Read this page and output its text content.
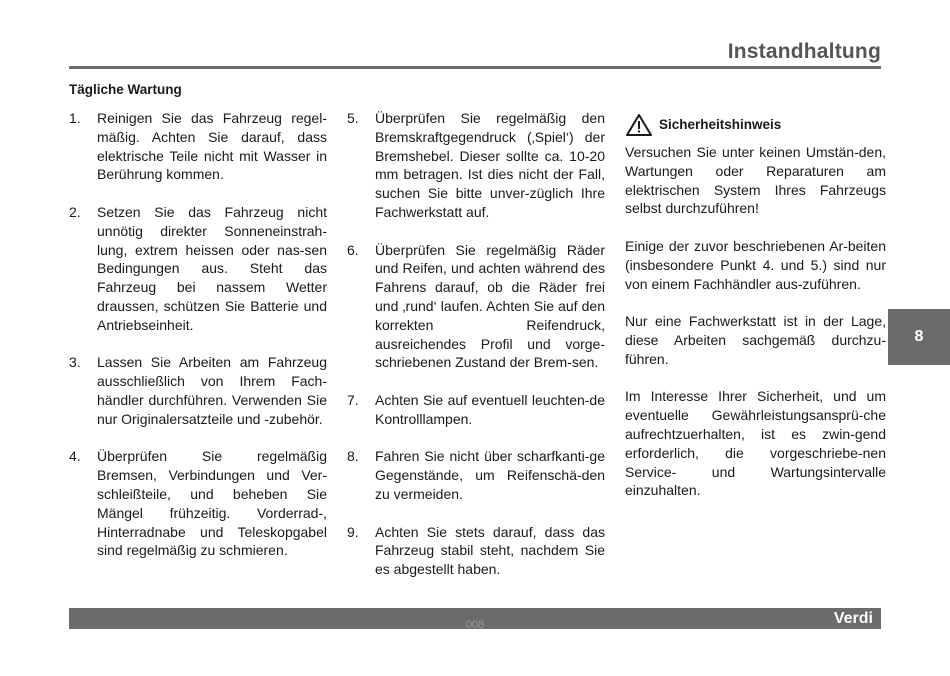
Instandhaltung
Tägliche Wartung
1.	Reinigen Sie das Fahrzeug regel-mäßig. Achten Sie darauf, dass elektrische Teile nicht mit Wasser in Berührung kommen.
2.	Setzen Sie das Fahrzeug nicht unnötig direkter Sonneneinstrah-lung, extrem heissen oder nas-sen Bedingungen aus. Steht das Fahrzeug bei nassem Wetter draussen, schützen Sie Batterie und Antriebseinheit.
3.	Lassen Sie Arbeiten am Fahrzeug ausschließlich von Ihrem Fach-händler durchführen. Verwenden Sie nur Originalersatzteile und -zubehör.
4.	Überprüfen Sie regelmäßig Bremsen, Verbindungen und Ver-schleißteile, und beheben Sie Mängel frühzeitig. Vorderrad-, Hinterradnabe und Teleskopgabel sind regelmäßig zu schmieren.
5.	Überprüfen Sie regelmäßig den Bremskraftgegendruck (‚Spiel‘) der Bremshebel. Dieser sollte ca. 10-20 mm betragen. Ist dies nicht der Fall, suchen Sie bitte unver-züglich Ihre Fachwerkstatt auf.
6.	Überprüfen Sie regelmäßig Räder und Reifen, und achten während des Fahrens darauf, ob die Räder frei und ‚rund‘ laufen. Achten Sie auf den korrekten Reifendruck, ausreichendes Profil und vorge-schriebenen Zustand der Brem-sen.
7.	Achten Sie auf eventuell leuchten-de Kontrolllampen.
8.	Fahren Sie nicht über scharfkanti-ge Gegenstände, um Reifenschä-den zu vermeiden.
9.	Achten Sie stets darauf, dass das Fahrzeug stabil steht, nachdem Sie es abgestellt haben.
Sicherheitshinweis

Versuchen Sie unter keinen Umstän-den, Wartungen oder Reparaturen am elektrischen System Ihres Fahrzeugs selbst durchzuführen!

Einige der zuvor beschriebenen Ar-beiten (insbesondere Punkt 4. und 5.) sind nur von einem Fachhändler aus-zuführen.

Nur eine Fachwerkstatt ist in der Lage, diese Arbeiten sachgemäß durchzu-führen.

Im Interesse Ihrer Sicherheit, und um eventuelle Gewährleistungsansprü-che aufrechtzuerhalten, ist es zwin-gend erforderlich, die vorgeschriebe-nen Service- und Wartungsintervalle einzuhalten.

8
Verdi
008
